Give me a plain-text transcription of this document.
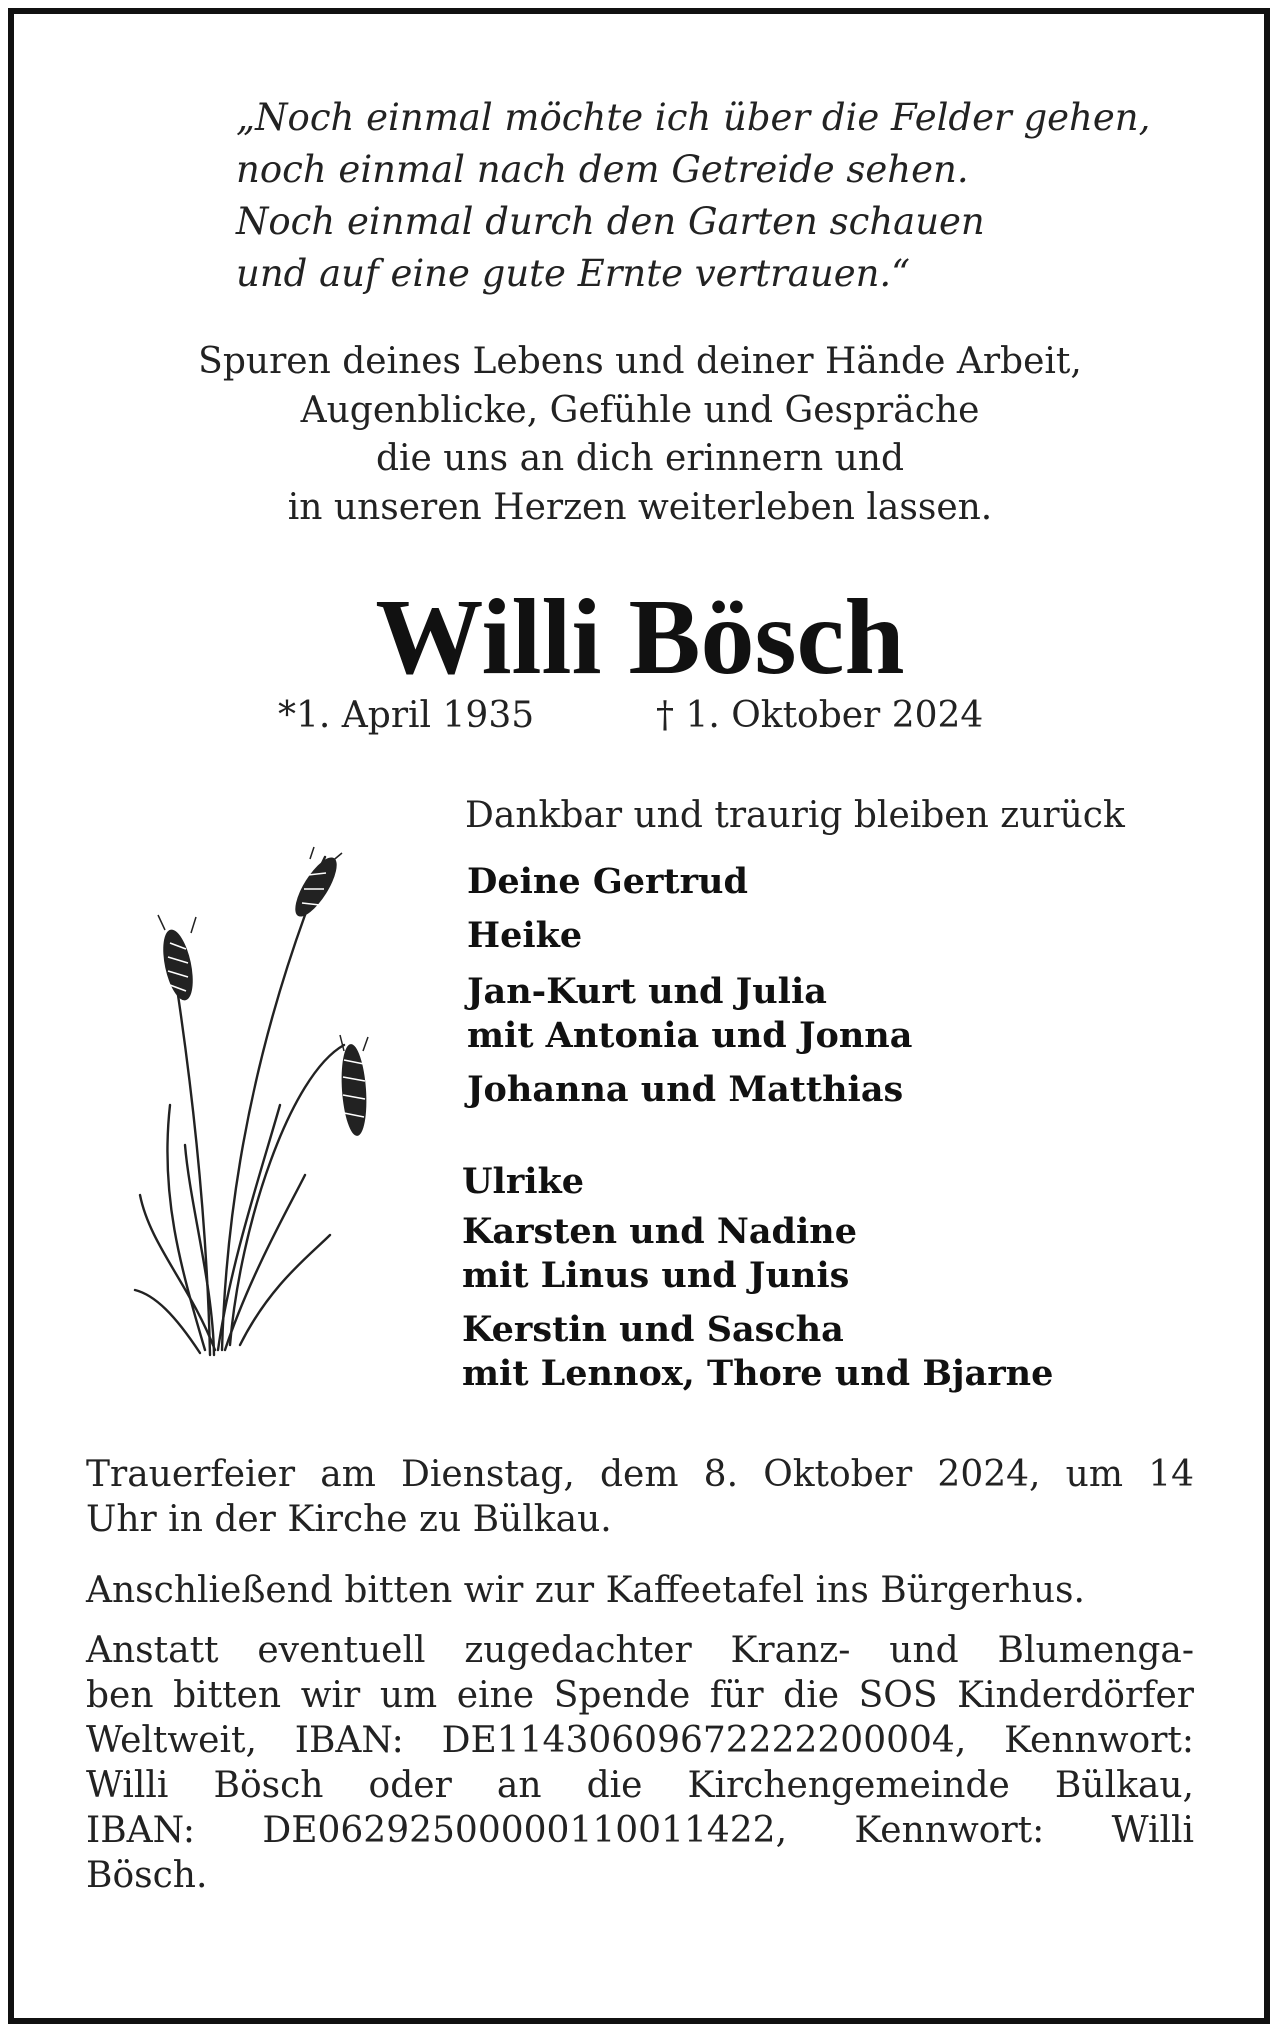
„Noch einmal möchte ich über die Felder gehen,
noch einmal nach dem Getreide sehen.
Noch einmal durch den Garten schauen
und auf eine gute Ernte vertrauen.“
Spuren deines Lebens und deiner Hände Arbeit,
Augenblicke, Gefühle und Gespräche
die uns an dich erinnern und
in unseren Herzen weiterleben lassen.
Willi Bösch
*1. April 1935	† 1. Oktober 2024
Dankbar und traurig bleiben zurück
Deine Gertrud
Heike
Jan-Kurt und Julia
mit Antonia und Jonna
Johanna und Matthias
Ulrike
Karsten und Nadine
mit Linus und Junis
Kerstin und Sascha
mit Lennox, Thore und Bjarne
Trauerfeier am Dienstag, dem 8. Oktober 2024, um 14
Uhr in der Kirche zu Bülkau.
Anschließend bitten wir zur Kaffeetafel ins Bürgerhus.
Anstatt eventuell zugedachter Kranz- und Blumenga-
ben bitten wir um eine Spende für die SOS Kinderdörfer
Weltweit, IBAN: DE11430609672222200004, Kennwort:
Willi Bösch oder an die Kirchengemeinde Bülkau,
IBAN: DE06292500000110011422, Kennwort: Willi
Bösch.
